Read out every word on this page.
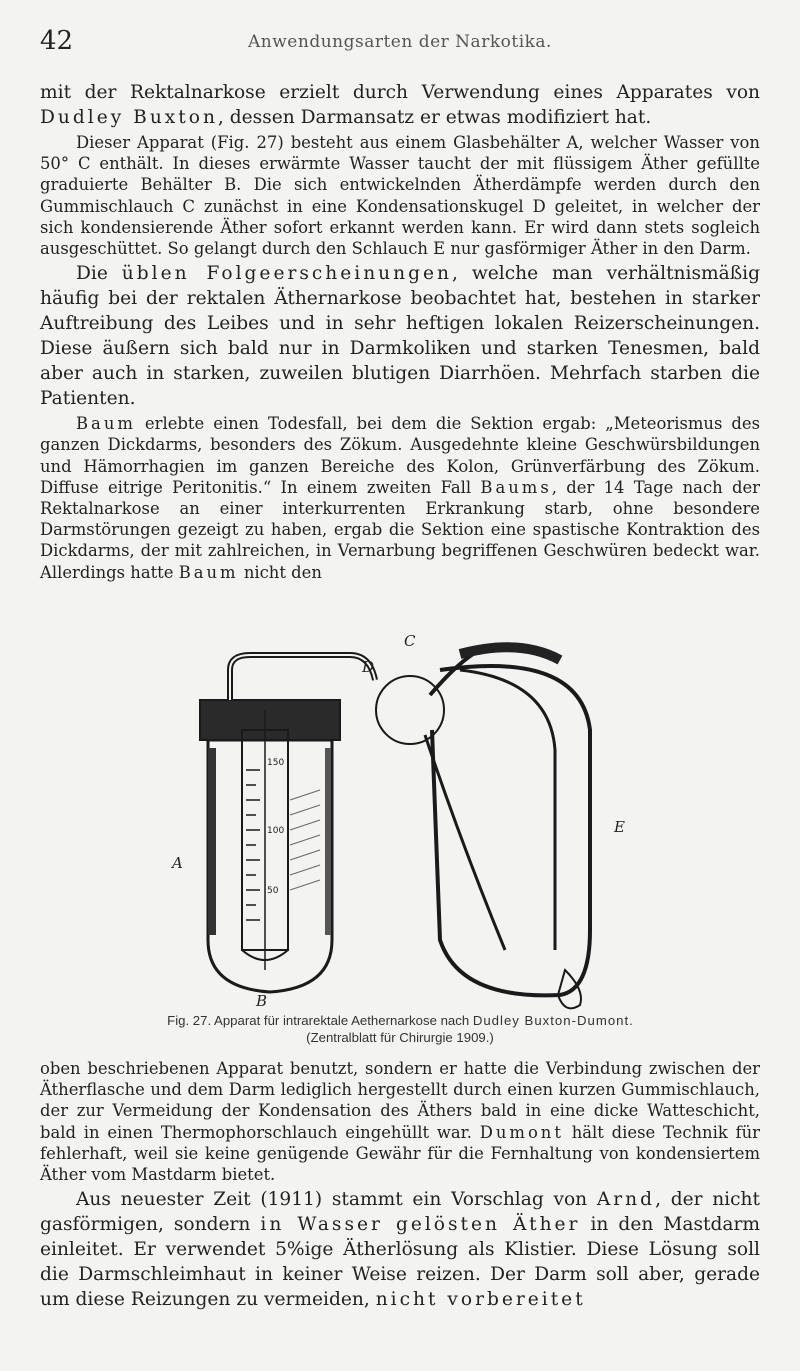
42	Anwendungsarten der Narkotika.

mit der Rektalnarkose erzielt durch Verwendung eines Apparates von Dudley Buxton, dessen Darmansatz er etwas modifiziert hat.

Dieser Apparat (Fig. 27) besteht aus einem Glasbehälter A, welcher Wasser von 50° C enthält. In dieses erwärmte Wasser taucht der mit flüssigem Äther gefüllte graduierte Behälter B. Die sich entwickelnden Ätherdämpfe werden durch den Gummischlauch C zunächst in eine Kondensationskugel D geleitet, in welcher der sich kondensierende Äther sofort erkannt werden kann. Er wird dann stets sogleich ausgeschüttet. So gelangt durch den Schlauch E nur gasförmiger Äther in den Darm.

Die üblen Folgeerscheinungen, welche man verhältnismäßig häufig bei der rektalen Äthernarkose beobachtet hat, bestehen in starker Auftreibung des Leibes und in sehr heftigen lokalen Reizerscheinungen. Diese äußern sich bald nur in Darmkoliken und starken Tenesmen, bald aber auch in starken, zuweilen blutigen Diarrhöen. Mehrfach starben die Patienten.

Baum erlebte einen Todesfall, bei dem die Sektion ergab: „Meteorismus des ganzen Dickdarms, besonders des Zökum. Ausgedehnte kleine Geschwürsbildungen und Hämorrhagien im ganzen Bereiche des Kolon, Grünverfärbung des Zökum. Diffuse eitrige Peritonitis.“ In einem zweiten Fall Baums, der 14 Tage nach der Rektalnarkose an einer interkurrenten Erkrankung starb, ohne besondere Darmstörungen gezeigt zu haben, ergab die Sektion eine spastische Kontraktion des Dickdarms, der mit zahlreichen, in Vernarbung begriffenen Geschwüren bedeckt war. Allerdings hatte Baum nicht den

C
D
A
B
E
150
100
50
Fig. 27. Apparat für intrarektale Aethernarkose nach Dudley Buxton-Dumont.
(Zentralblatt für Chirurgie 1909.)

oben beschriebenen Apparat benutzt, sondern er hatte die Verbindung zwischen der Ätherflasche und dem Darm lediglich hergestellt durch einen kurzen Gummischlauch, der zur Vermeidung der Kondensation des Äthers bald in eine dicke Watteschicht, bald in einen Thermophorschlauch eingehüllt war. Dumont hält diese Technik für fehlerhaft, weil sie keine genügende Gewähr für die Fernhaltung von kondensiertem Äther vom Mastdarm bietet.

Aus neuester Zeit (1911) stammt ein Vorschlag von Arnd, der nicht gasförmigen, sondern in Wasser gelösten Äther in den Mastdarm einleitet. Er verwendet 5%ige Ätherlösung als Klistier. Diese Lösung soll die Darmschleimhaut in keiner Weise reizen. Der Darm soll aber, gerade um diese Reizungen zu vermeiden, nicht vorbereitet
